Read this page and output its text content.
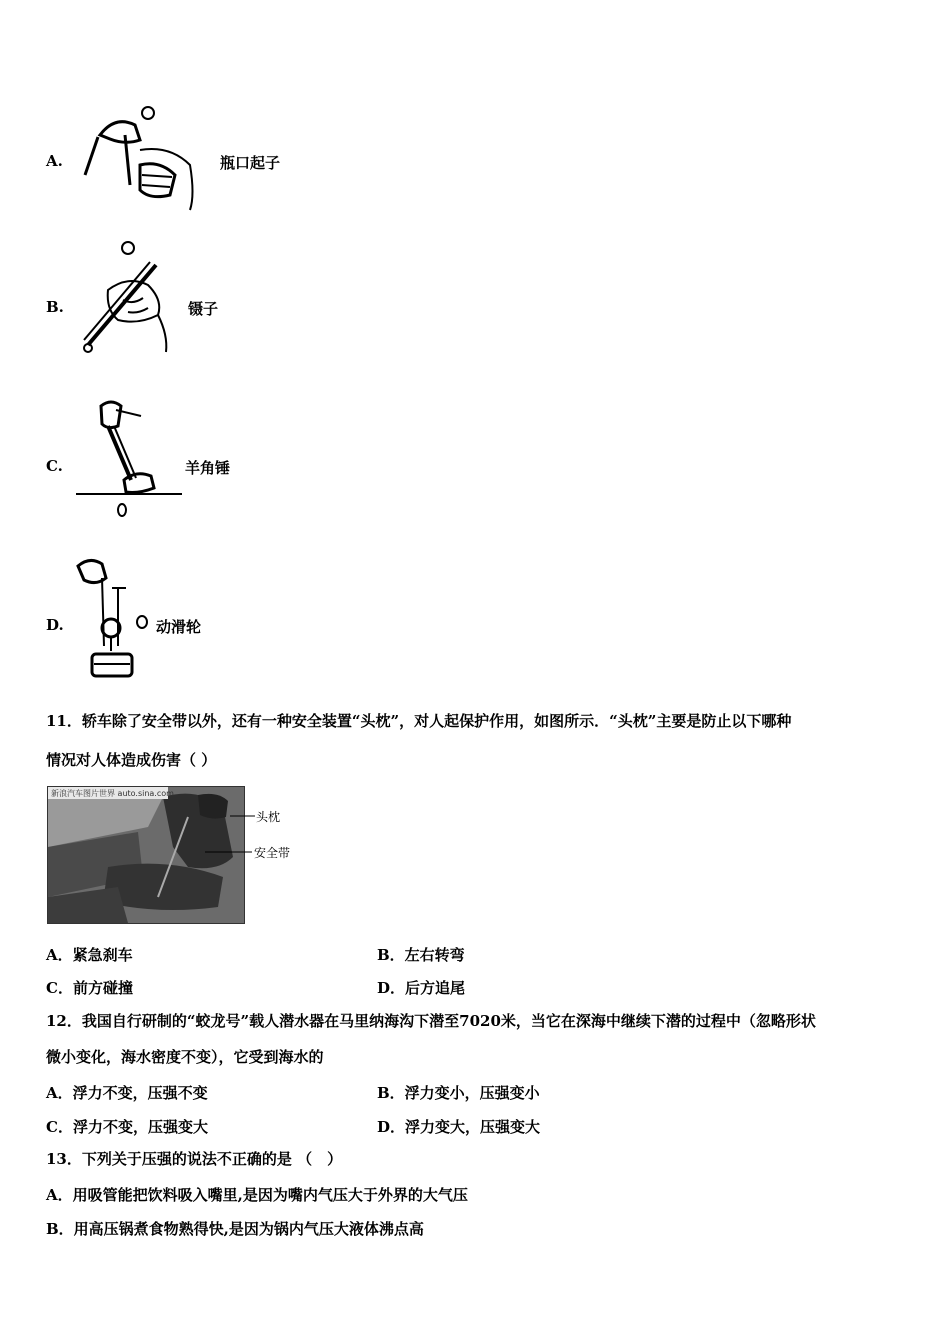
A.	瓶口起子
B.	镊子
C.	羊角锤
D.	动滑轮
11．轿车除了安全带以外，还有一种安全装置“头枕”，对人起保护作用，如图所示．“头枕”主要是防止以下哪种
情况对人体造成伤害（ ）
新浪汽车图片世界 auto.sina.com
头枕
安全带
A．紧急刹车	B．左右转弯
C．前方碰撞	D．后方追尾
12．我国自行研制的“蛟龙号”载人潜水器在马里纳海沟下潜至7020米，当它在深海中继续下潜的过程中（忽略形状
微小变化，海水密度不变），它受到海水的
A．浮力不变，压强不变	B．浮力变小，压强变小
C．浮力不变，压强变大	D．浮力变大，压强变大
13．下列关于压强的说法不正确的是 （　）
A．用吸管能把饮料吸入嘴里,是因为嘴内气压大于外界的大气压
B．用高压锅煮食物熟得快,是因为锅内气压大液体沸点高
